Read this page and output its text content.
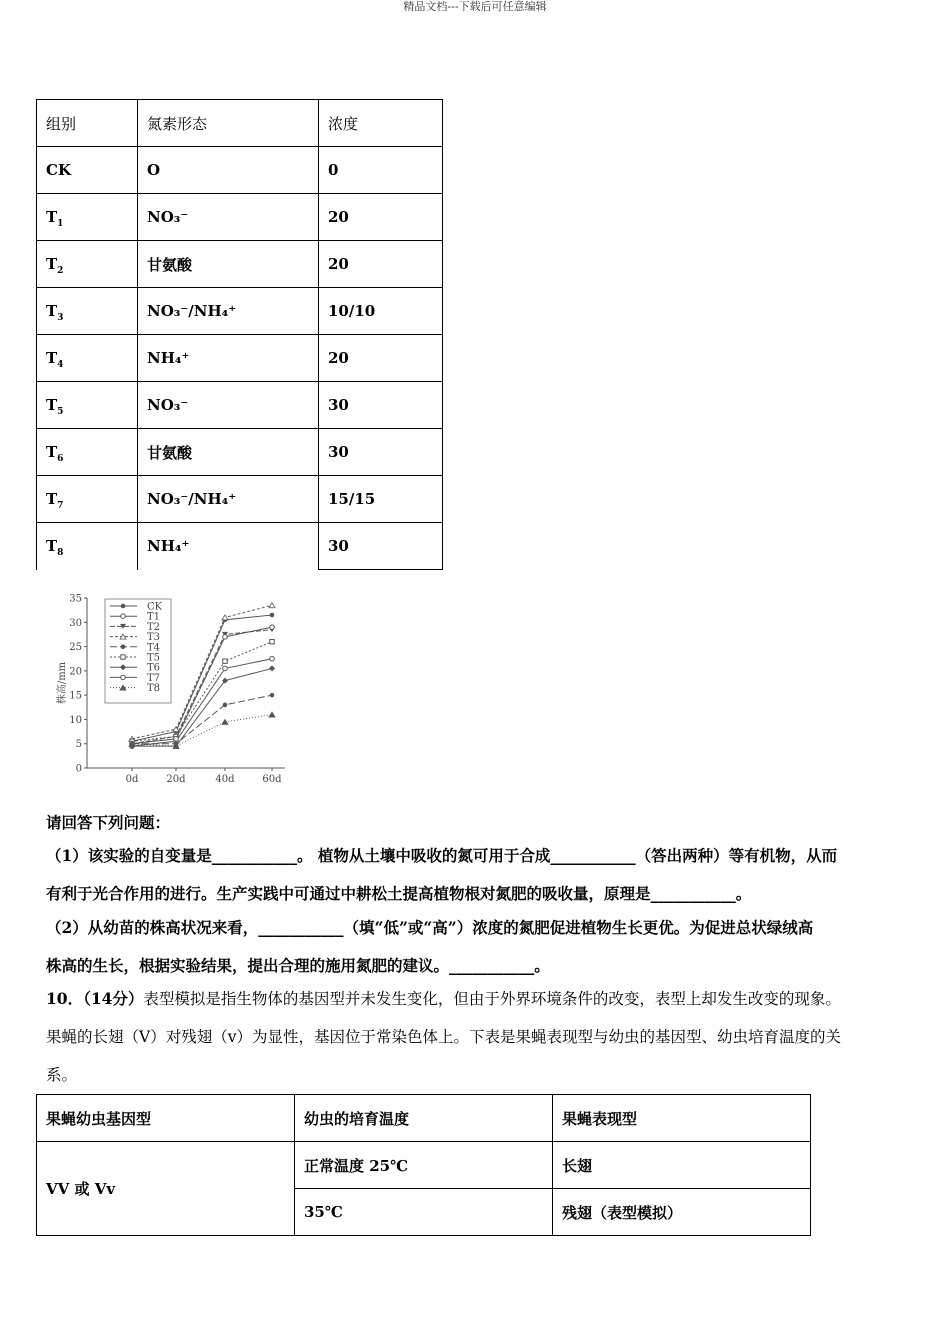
精品文档---下载后可任意编辑
组别	氮素形态	浓度
CK	O	0
$T_1$	NO₃⁻	20
$T_2$	甘氨酸	20
$T_3$	NO₃⁻/NH₄⁺	10/10
$T_4$	NH₄⁺	20
$T_5$	NO₃⁻	30
$T_6$	甘氨酸	30
$T_7$	NO₃⁻/NH₄⁺	15/15
$T_8$	NH₄⁺	30
0
5
10
15
20
25
30
35
0d	20d	40d	60d
株高/mm
CK
T1
T2
T3
T4
T5
T6
T7
T8
请回答下列问题：
（1）该实验的自变量是___________。 植物从土壤中吸收的氮可用于合成___________（答出两种）等有机物，从而
有利于光合作用的进行。生产实践中可通过中耕松土提高植物根对氮肥的吸收量，原理是___________。
（2）从幼苗的株高状况来看，___________（填“低”或“高”）浓度的氮肥促进植物生长更优。为促进总状绿绒高
株高的生长，根据实验结果，提出合理的施用氮肥的建议。___________。
10．（14分）表型模拟是指生物体的基因型并未发生变化，但由于外界环境条件的改变，表型上却发生改变的现象。
果蝇的长翅（V）对残翅（v）为显性，基因位于常染色体上。下表是果蝇表现型与幼虫的基因型、幼虫培育温度的关
系。
果蝇幼虫基因型	幼虫的培育温度	果蝇表现型
VV 或 Vv	正常温度 25℃	长翅
	35℃	残翅（表型模拟）
